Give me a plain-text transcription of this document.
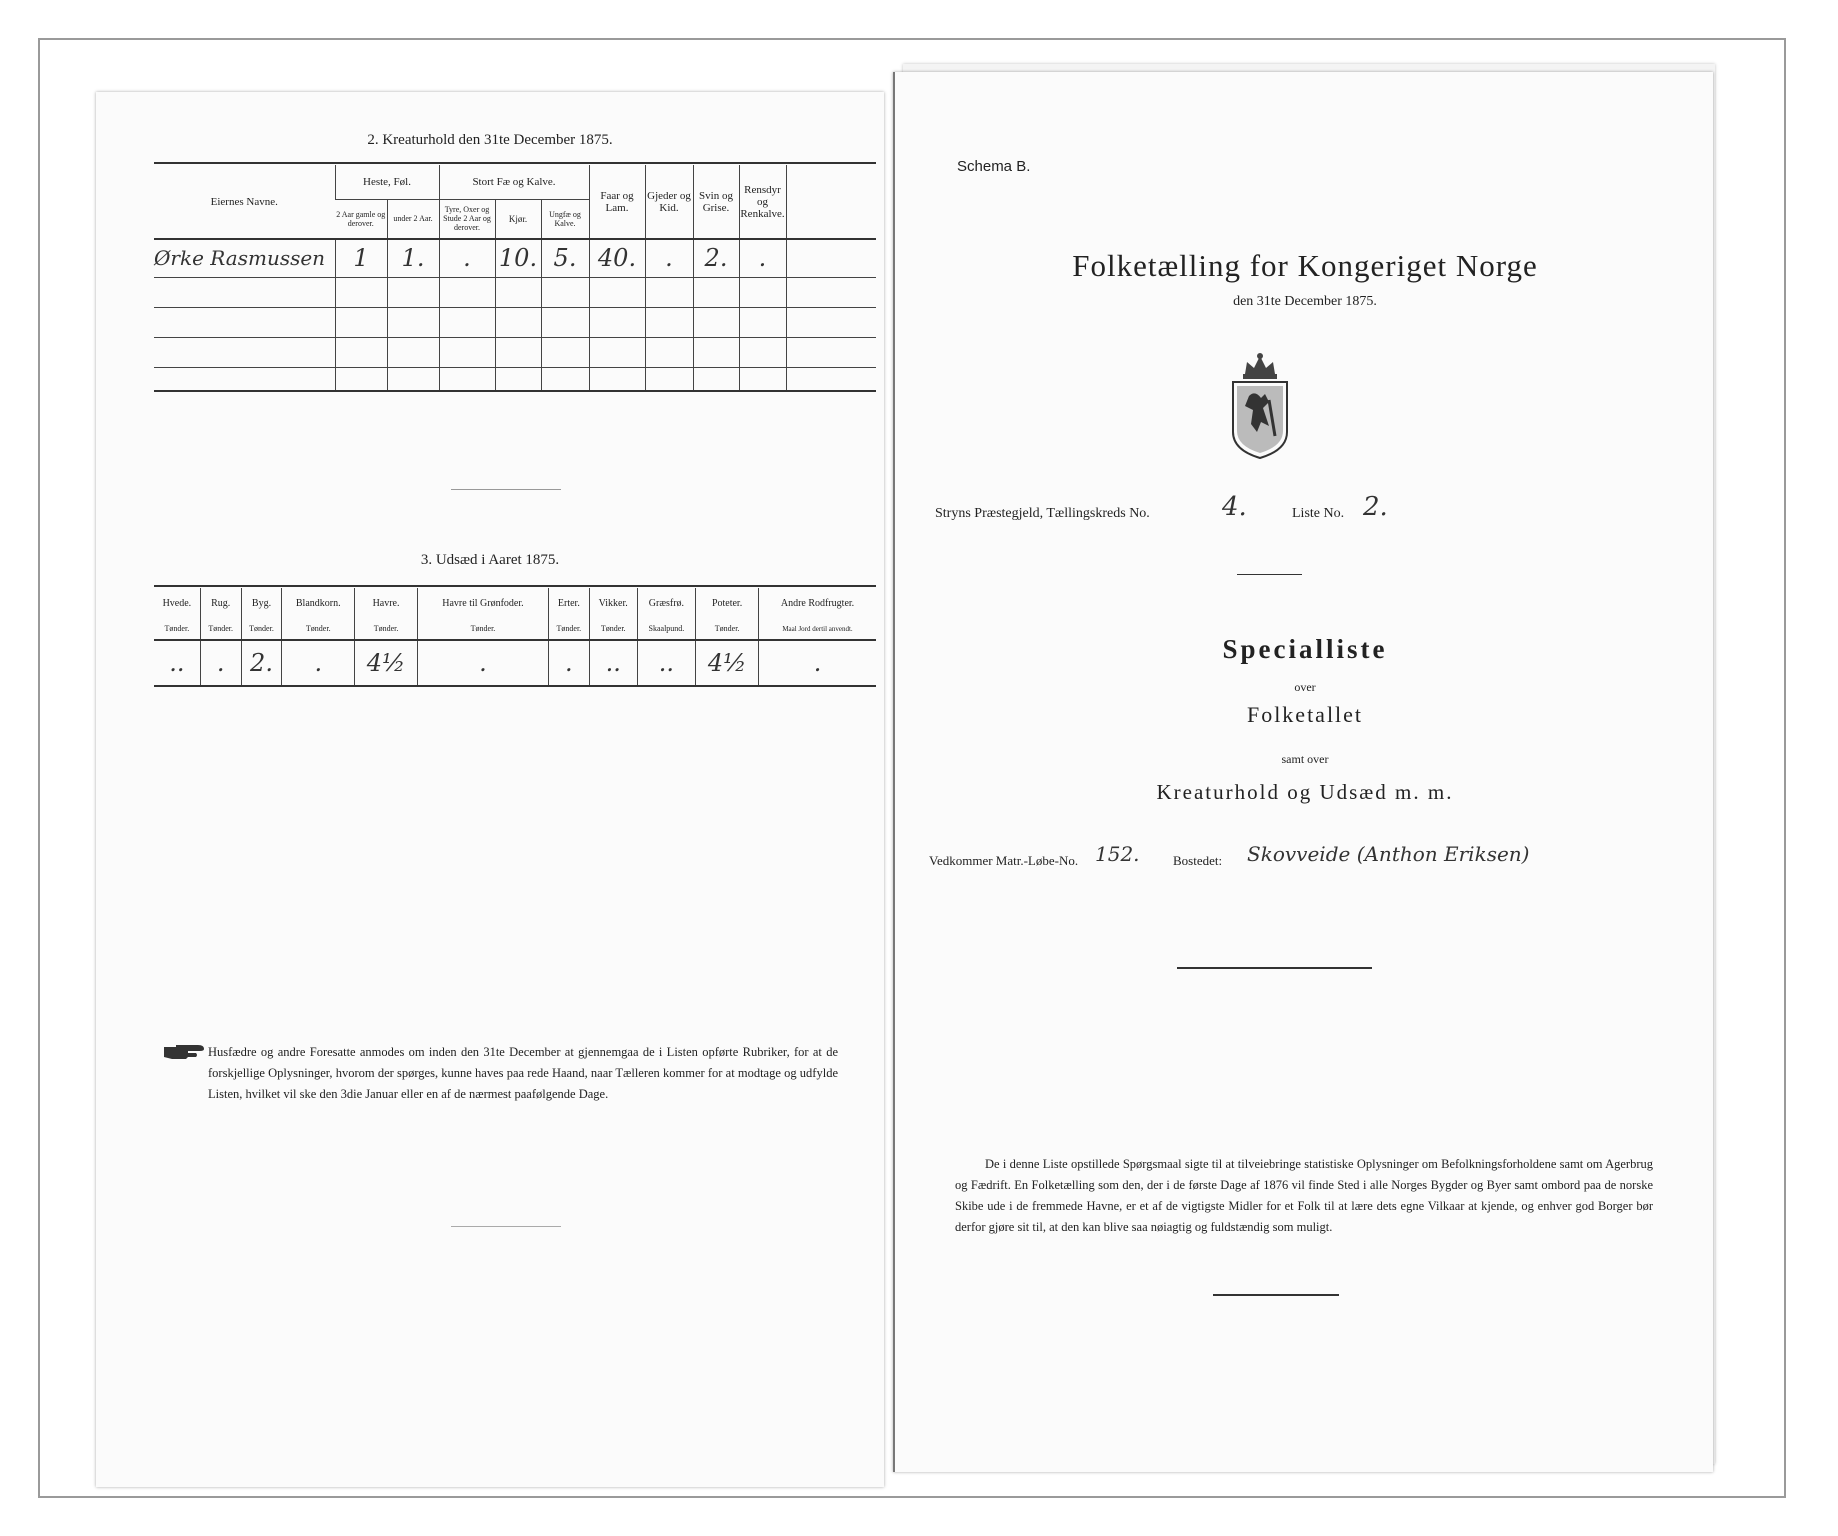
2. Kreaturhold den 31te December 1875.
Eiernes Navne.	Heste, Føl.		Stort Fæ og Kalve.			Faar og Lam.	Gjeder og Kid.	Svin og Grise.	Rensdyr og Renkalve.	
	2 Aar gamle og derover.	under 2 Aar.	Tyre, Oxer og Stude 2 Aar og derover.	Kjør.	Ungfæ og Kalve.					
Ørke Rasmussen	1	1.	.	10.	5.	40.	.	2.	.	

3. Udsæd i Aaret 1875.
Hvede.	Rug.	Byg.	Blandkorn.	Havre.	Havre til Grønfoder.	Erter.	Vikker.	Græsfrø.	Poteter.	Andre Rodfrugter.
Tønder.	Tønder.	Tønder.	Tønder.	Tønder.	Tønder.	Tønder.	Tønder.	Skaalpund.	Tønder.	Maal Jord dertil anvendt.
..	.	2.	.	4½	.	.	..	..	4½	.
Husfædre og andre Foresatte anmodes om inden den 31te December at gjennemgaa de i Listen opførte Rubriker, for at de forskjellige Oplysninger, hvorom der spørges, kunne haves paa rede Haand, naar Tælleren kommer for at modtage og udfylde Listen, hvilket vil ske den 3die Januar eller en af de nærmest paafølgende Dage.
Schema B.
Folketælling for Kongeriget Norge
den 31te December 1875.
Stryns Præstegjeld, Tællingskreds No.	4.	Liste No. 2.
Specialliste
over
Folketallet
samt over
Kreaturhold og Udsæd m. m.
Vedkommer Matr.-Løbe-No. 152.	Bostedet: Skovveide (Anthon Eriksen)
De i denne Liste opstillede Spørgsmaal sigte til at tilveiebringe statistiske Oplysninger om Befolkningsforholdene samt om Agerbrug og Fædrift. En Folketælling som den, der i de første Dage af 1876 vil finde Sted i alle Norges Bygder og Byer samt ombord paa de norske Skibe ude i de fremmede Havne, er et af de vigtigste Midler for et Folk til at lære dets egne Vilkaar at kjende, og enhver god Borger bør derfor gjøre sit til, at den kan blive saa nøiagtig og fuldstændig som muligt.
